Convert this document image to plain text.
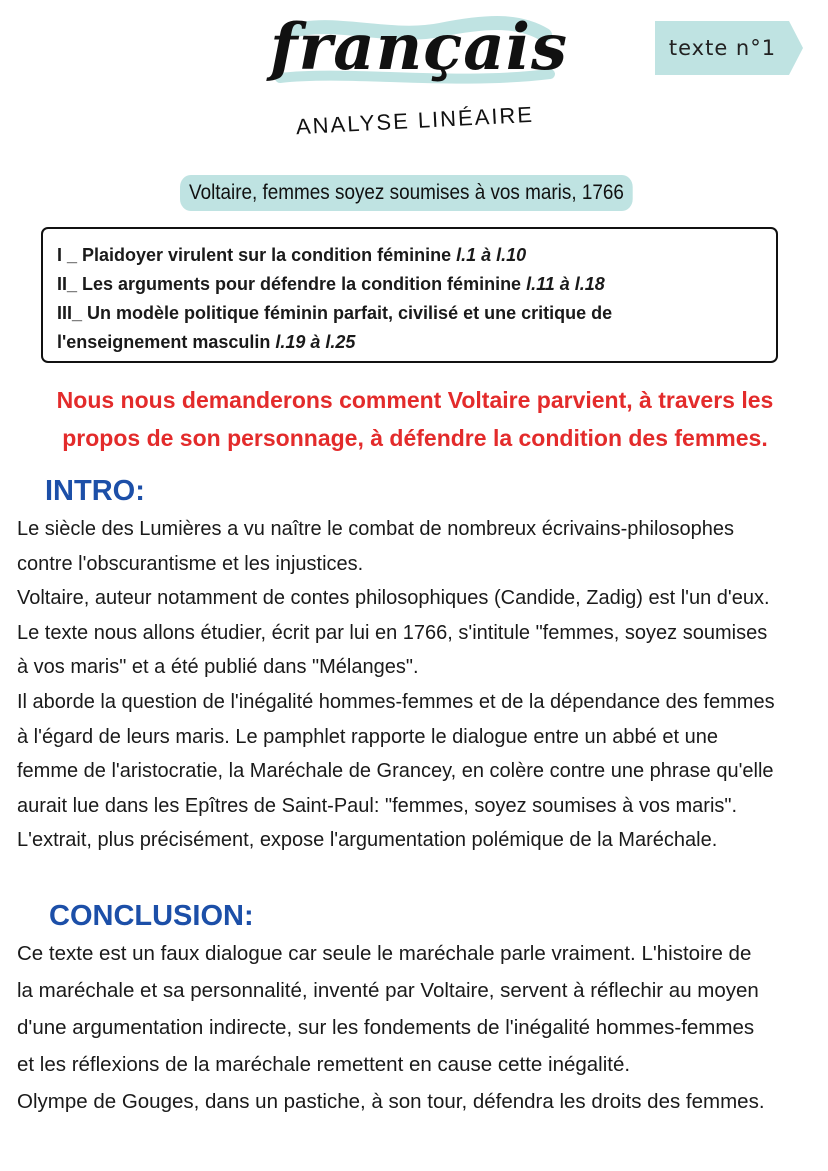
français
ANALYSE LINÉAIRE
texte n°1
Voltaire, femmes soyez soumises à vos maris, 1766
I _ Plaidoyer virulent sur la condition féminine l.1 à l.10
II_ Les arguments pour défendre la condition féminine l.11 à l.18
III_ Un modèle politique féminin parfait, civilisé et une critique de
l'enseignement masculin l.19 à l.25
Nous nous demanderons comment Voltaire parvient, à travers les
propos de son personnage, à défendre la condition des femmes.
INTRO:
Le siècle des Lumières a vu naître le combat de nombreux écrivains-philosophes
contre l'obscurantisme et les injustices.
Voltaire, auteur notamment de contes philosophiques (Candide, Zadig) est l'un d'eux.
Le texte nous allons étudier, écrit par lui en 1766, s'intitule "femmes, soyez soumises
à vos maris" et a été publié dans "Mélanges".
Il aborde la question de l'inégalité hommes-femmes et de la dépendance des femmes
à l'égard de leurs maris. Le pamphlet rapporte le dialogue entre un abbé et une
femme de l'aristocratie, la Maréchale de Grancey, en colère contre une phrase qu'elle
aurait lue dans les Epîtres de Saint-Paul: "femmes, soyez soumises à vos maris".
L'extrait, plus précisément, expose l'argumentation polémique de la Maréchale.
CONCLUSION:
Ce texte est un faux dialogue car seule le maréchale parle vraiment. L'histoire de
la maréchale et sa personnalité, inventé par Voltaire, servent à réflechir au moyen
d'une argumentation indirecte, sur les fondements de l'inégalité hommes-femmes
et les réflexions de la maréchale remettent en cause cette inégalité.
Olympe de Gouges, dans un pastiche, à son tour, défendra les droits des femmes.
